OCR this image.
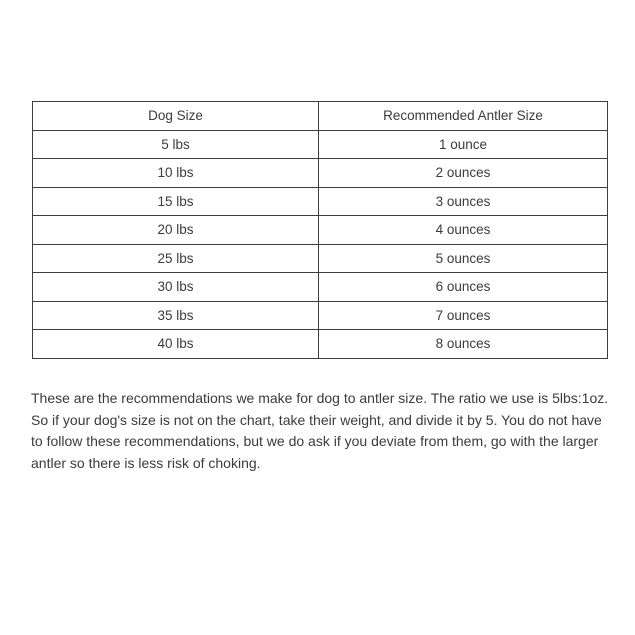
Dog Size	Recommended Antler Size
5 lbs	1 ounce
10 lbs	2 ounces
15 lbs	3 ounces
20 lbs	4 ounces
25 lbs	5 ounces
30 lbs	6 ounces
35 lbs	7 ounces
40 lbs	8 ounces

These are the recommendations we make for dog to antler size. The ratio we use is 5lbs:1oz. So if your dog's size is not on the chart, take their weight, and divide it by 5. You do not have to follow these recommendations, but we do ask if you deviate from them, go with the larger antler so there is less risk of choking.
